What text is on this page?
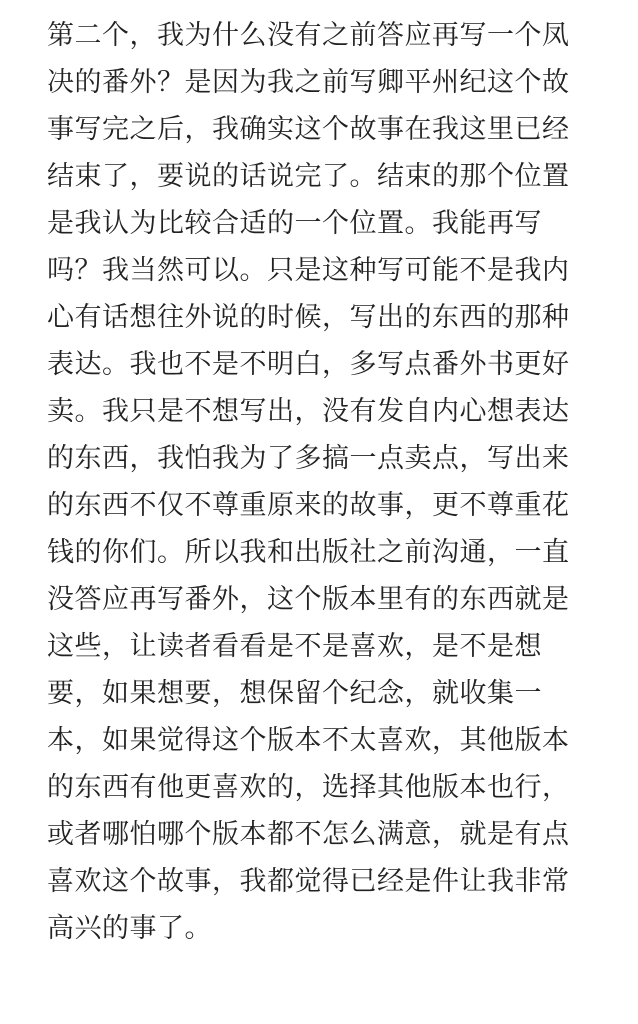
第二个，我为什么没有之前答应再写一个凤
决的番外？是因为我之前写卿平州纪这个故
事写完之后，我确实这个故事在我这里已经
结束了，要说的话说完了。结束的那个位置
是我认为比较合适的一个位置。我能再写
吗？我当然可以。只是这种写可能不是我内
心有话想往外说的时候，写出的东西的那种
表达。我也不是不明白，多写点番外书更好
卖。我只是不想写出，没有发自内心想表达
的东西，我怕我为了多搞一点卖点，写出来
的东西不仅不尊重原来的故事，更不尊重花
钱的你们。所以我和出版社之前沟通，一直
没答应再写番外，这个版本里有的东西就是
这些，让读者看看是不是喜欢，是不是想
要，如果想要，想保留个纪念，就收集一
本，如果觉得这个版本不太喜欢，其他版本
的东西有他更喜欢的，选择其他版本也行，
或者哪怕哪个版本都不怎么满意，就是有点
喜欢这个故事，我都觉得已经是件让我非常
高兴的事了。
